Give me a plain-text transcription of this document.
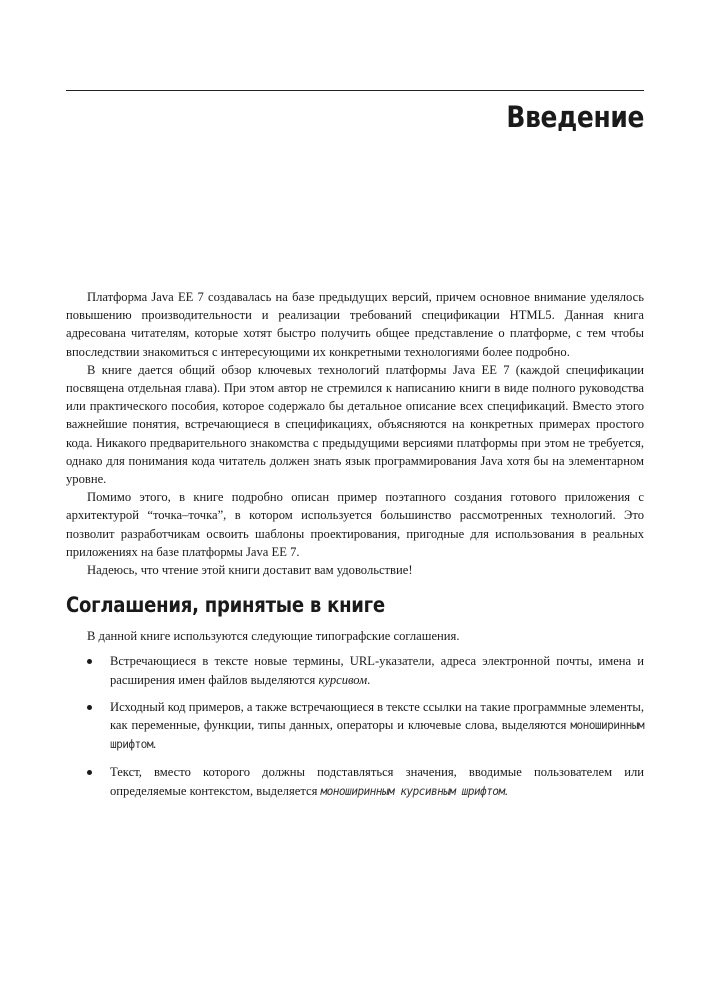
Введение

Платформа Java EE 7 создавалась на базе предыдущих версий, причем основное внимание уделялось повышению производительности и реализации требований спецификации HTML5. Данная книга адресована читателям, которые хотят быстро получить общее представление о платформе, с тем чтобы впоследствии знакомиться с интересующими их конкретными технологиями более подробно.

В книге дается общий обзор ключевых технологий платформы Java EE 7 (каждой спецификации посвящена отдельная глава). При этом автор не стремился к написанию книги в виде полного руководства или практического пособия, которое содержало бы детальное описание всех спецификаций. Вместо этого важнейшие понятия, встречающиеся в спецификациях, объясняются на конкретных примерах простого кода. Никакого предварительного знакомства с предыдущими версиями платформы при этом не требуется, однако для понимания кода читатель должен знать язык программирования Java хотя бы на элементарном уровне.

Помимо этого, в книге подробно описан пример поэтапного создания готового приложения с архитектурой “точка–точка”, в котором используется большинство рассмотренных технологий. Это позволит разработчикам освоить шаблоны проектирования, пригодные для использования в реальных приложениях на базе платформы Java EE 7.

Надеюсь, что чтение этой книги доставит вам удовольствие!

Соглашения, принятые в книге

В данной книге используются следующие типографские соглашения.

Встречающиеся в тексте новые термины, URL-указатели, адреса электронной почты, имена и расширения имен файлов выделяются курсивом.
Исходный код примеров, а также встречающиеся в тексте ссылки на такие программные элементы, как переменные, функции, типы данных, операторы и ключевые слова, выделяются моноширинным шрифтом.
Текст, вместо которого должны подставляться значения, вводимые пользователем или определяемые контекстом, выделяется моноширинным курсивным шрифтом.
